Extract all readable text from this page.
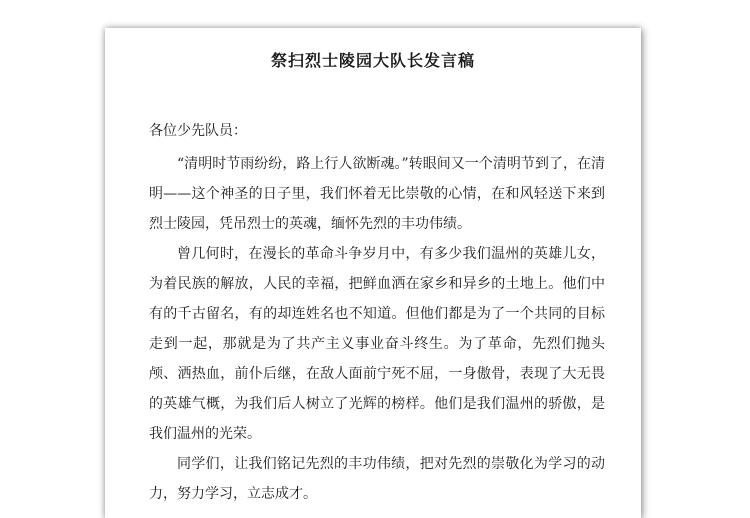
祭扫烈士陵园大队长发言稿

各位少先队员：

“清明时节雨纷纷，路上行人欲断魂。”转眼间又一个清明节到了，在清明——这个神圣的日子里，我们怀着无比崇敬的心情，在和风轻送下来到烈士陵园，凭吊烈士的英魂，缅怀先烈的丰功伟绩。

曾几何时，在漫长的革命斗争岁月中，有多少我们温州的英雄儿女，为着民族的解放，人民的幸福，把鲜血洒在家乡和异乡的土地上。他们中有的千古留名，有的却连姓名也不知道。但他们都是为了一个共同的目标走到一起，那就是为了共产主义事业奋斗终生。为了革命，先烈们抛头颅、洒热血，前仆后继，在敌人面前宁死不屈，一身傲骨，表现了大无畏的英雄气概，为我们后人树立了光辉的榜样。他们是我们温州的骄傲，是我们温州的光荣。

同学们，让我们铭记先烈的丰功伟绩，把对先烈的崇敬化为学习的动力，努力学习，立志成才。
